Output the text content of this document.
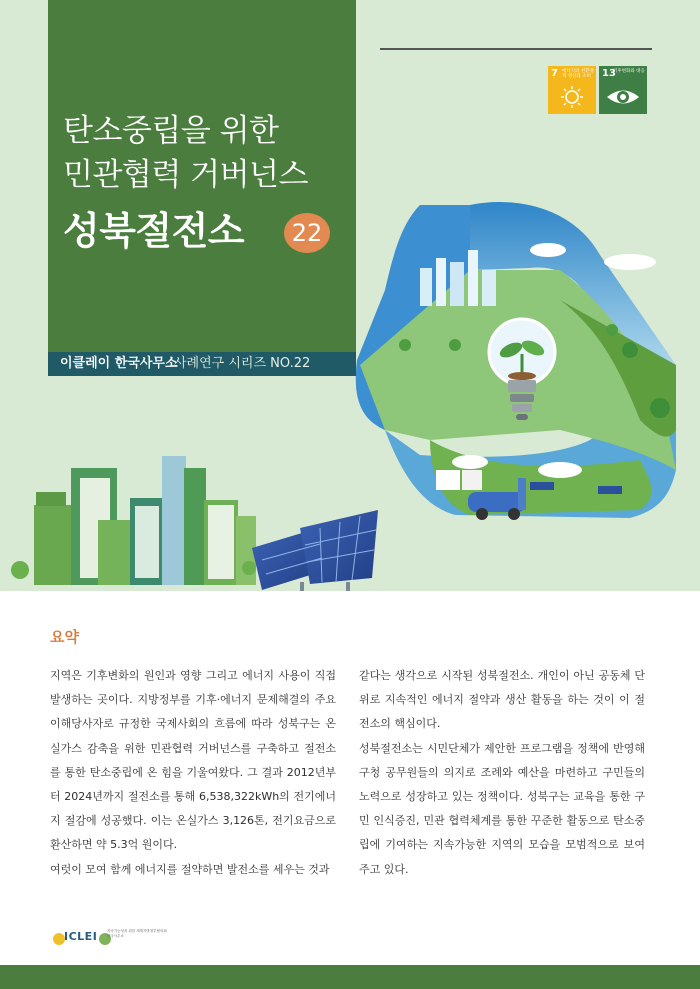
탄소중립을 위한
민관협력 거버넌스
성북절전소	22
이클레이 한국사무소
사례연구 시리즈 NO.22
7 에너지의 친환경적 생산과 소비	13
기후변화와 대응
요약

지역은 기후변화의 원인과 영향 그리고 에너지 사용이 직접 발생하는 곳이다. 지방정부를 기후·에너지 문제해결의 주요 이해당사자로 규정한 국제사회의 흐름에 따라 성북구는 온실가스 감축을 위한 민관협력 거버넌스를 구축하고 절전소를 통한 탄소중립에 온 힘을 기울여왔다. 그 결과 2012년부터 2024년까지 절전소를 통해 6,538,322kWh의 전기에너지 절감에 성공했다. 이는 온실가스 3,126톤, 전기요금으로 환산하면 약 5.3억 원이다.

여럿이 모여 함께 에너지를 절약하면 발전소를 세우는 것과

같다는 생각으로 시작된 성북절전소. 개인이 아닌 공동체 단위로 지속적인 에너지 절약과 생산 활동을 하는 것이 이 절전소의 핵심이다.

성북절전소는 시민단체가 제안한 프로그램을 정책에 반영해 구청 공무원들의 의지로 조례와 예산을 마련하고 구민들의 노력으로 성장하고 있는 정책이다. 성북구는 교육을 통한 구민 인식증진, 민관 협력체계를 통한 꾸준한 활동으로 탄소중립에 기여하는 지속가능한 지역의 모습을 모범적으로 보여주고 있다.

ICLEI	지속가능성을 위한 세계지방정부협의회 한국사무소
